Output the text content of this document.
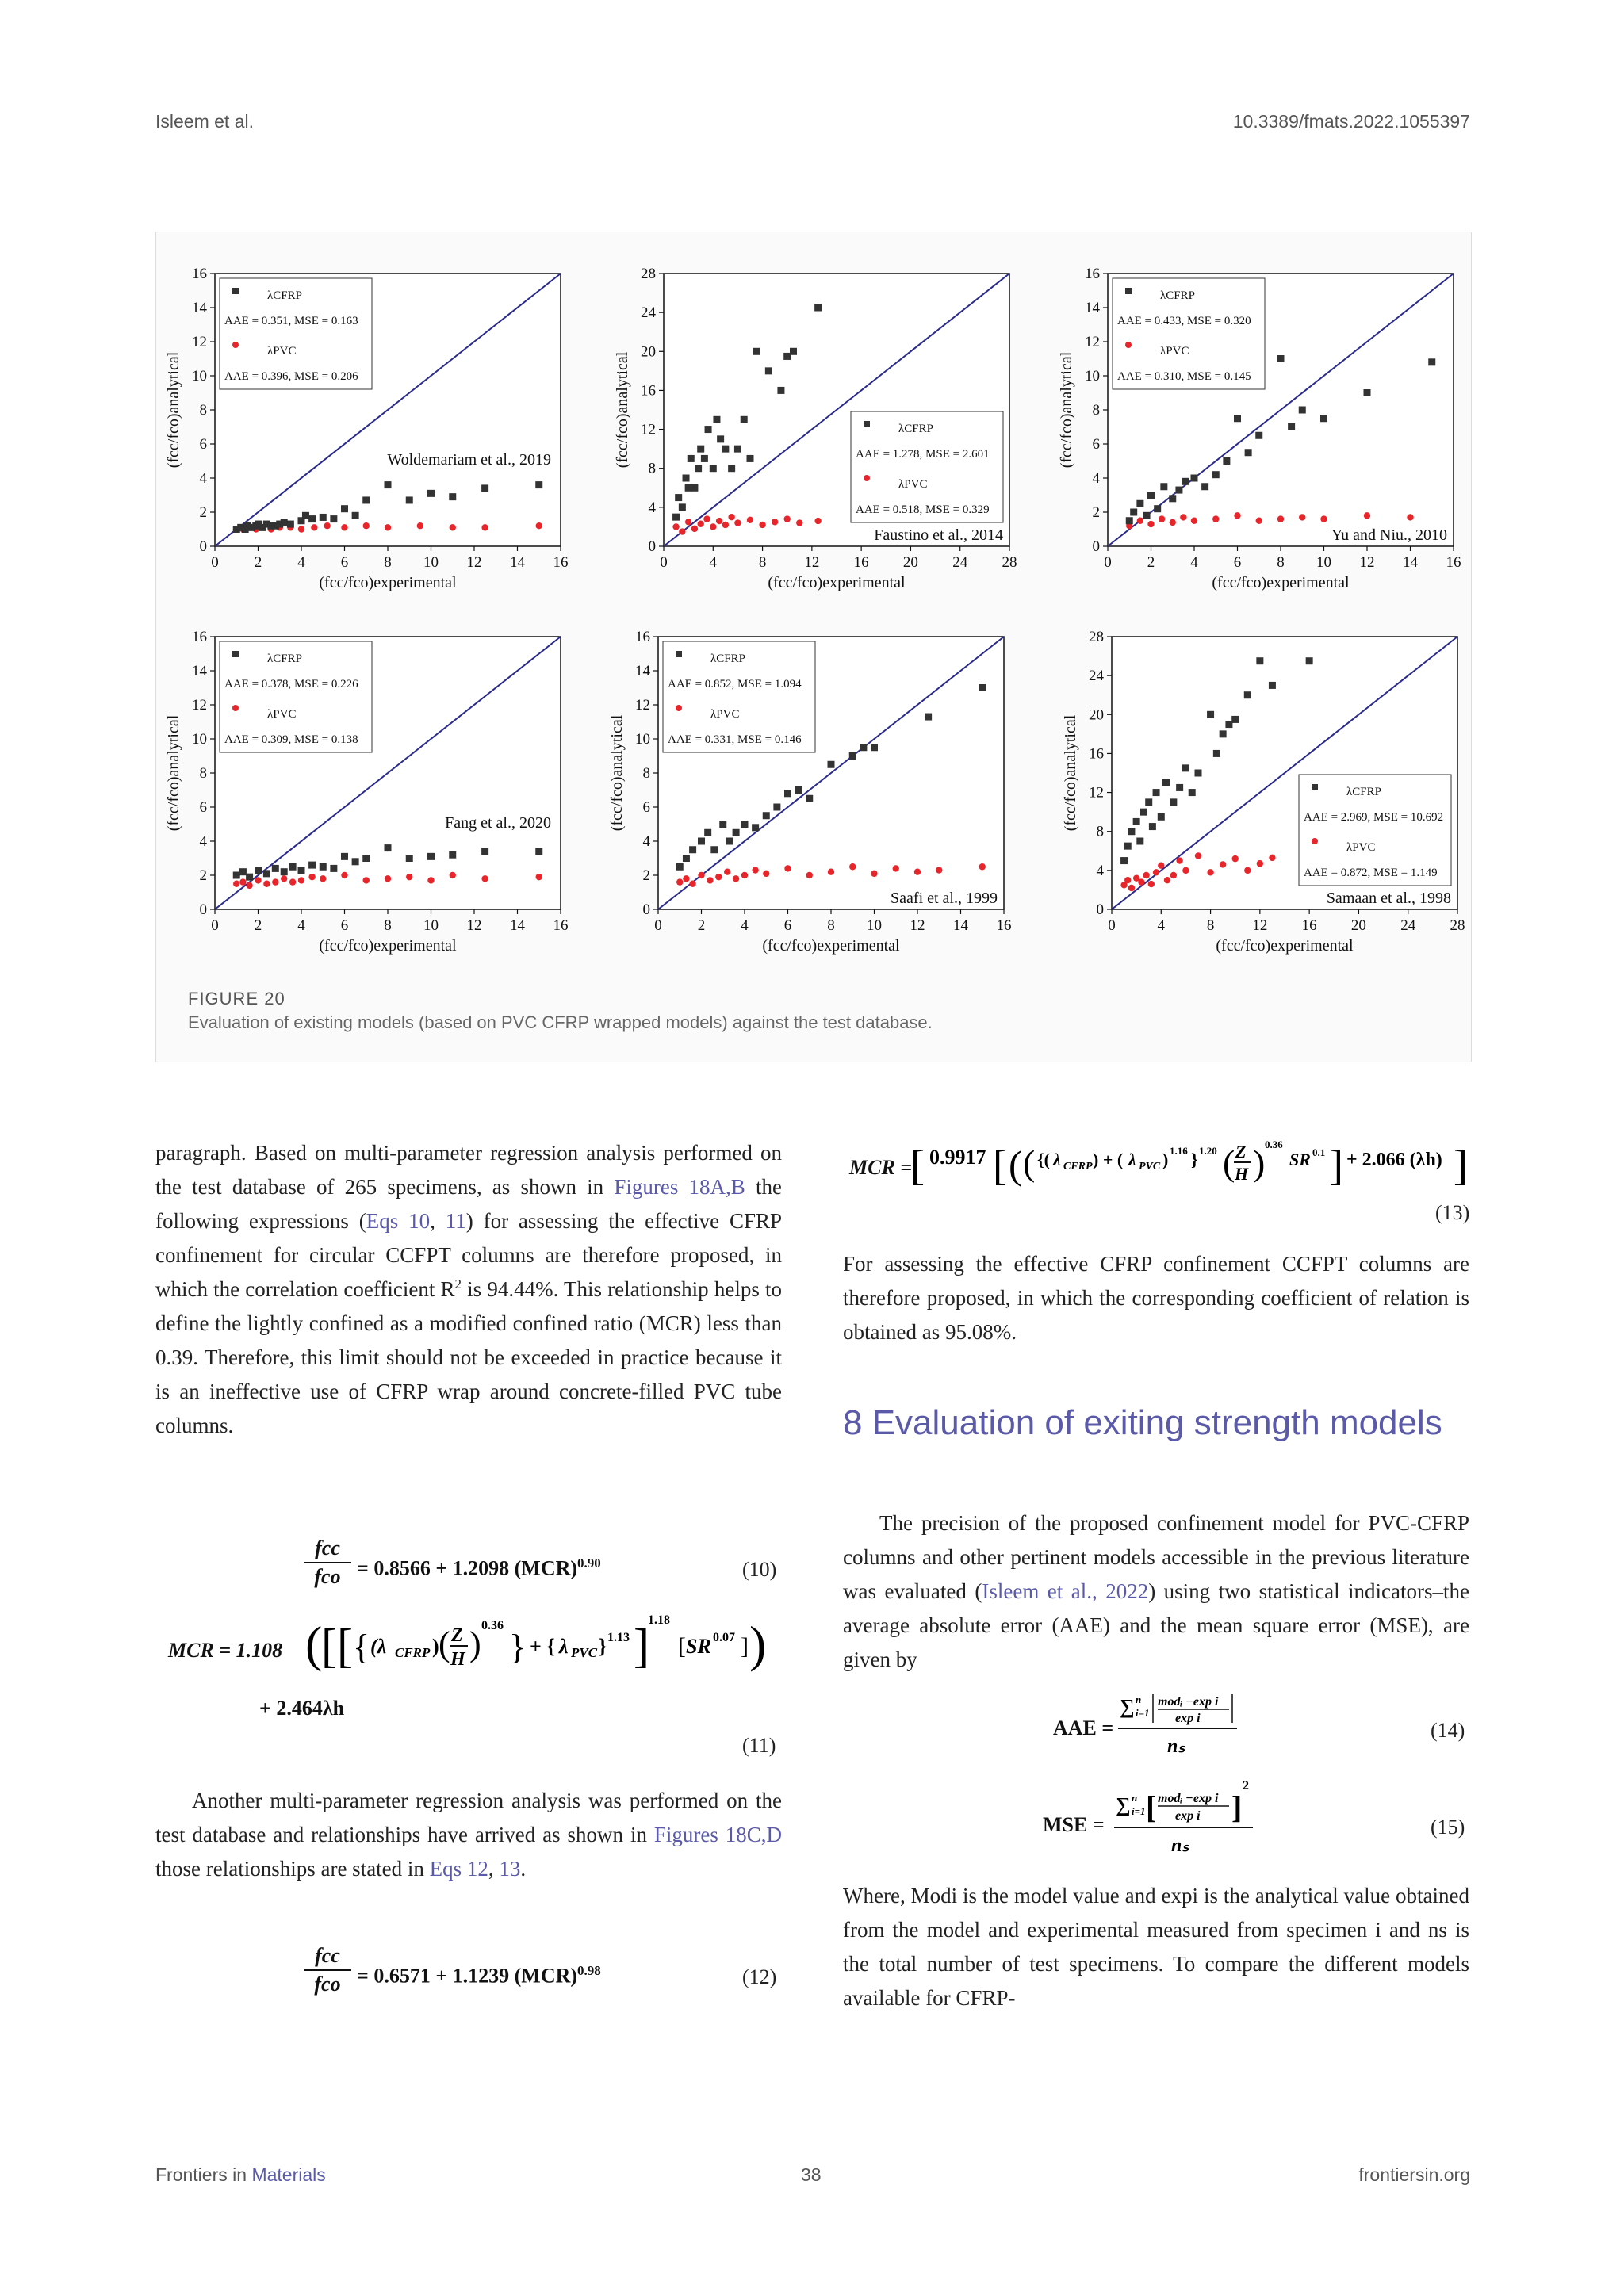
Isleem et al.	10.3389/fmats.2022.1055397
0 2 4 6 8 10 12 14 16
0
2
4
6
8
10
12
14
16
(fcc/fco)experimental
(fcc/fco)analytical
λCFRP
AAE = 0.351, MSE = 0.163
λPVC
AAE = 0.396, MSE = 0.206
Woldemariam et al., 2019
0	4	8	12 16 20 24 28
0
4
8
12
16
20
24
28
(fcc/fco)experimental
(fcc/fco)analytical	λCFRP
AAE = 1.278, MSE = 2.601
λPVC
AAE = 0.518, MSE = 0.329
Faustino et al., 2014
0 2 4 6 8 10 12 14 16
0
2
4
6
8
10
12
14
16
(fcc/fco)experimental
(fcc/fco)analytical
λCFRP
AAE = 0.433, MSE = 0.320
λPVC
AAE = 0.310, MSE = 0.145
Yu and Niu., 2010
0 2 4 6 8 10 12 14 16
0
2
4
6
8
10
12
14
16
(fcc/fco)experimental
(fcc/fco)analytical
λCFRP
AAE = 0.378, MSE = 0.226
λPVC
AAE = 0.309, MSE = 0.138
Fang et al., 2020
0 2 4 6 8 10 12 14 16
0
2
4
6
8
10
12
14
16
(fcc/fco)experimental
(fcc/fco)analytical
λCFRP
AAE = 0.852, MSE = 1.094
λPVC
AAE = 0.331, MSE = 0.146
Saafi et al., 1999
0	4	8	12 16 20 24 28
0
4
8
12
16
20
24
28
(fcc/fco)experimental
(fcc/fco)analytical	λCFRP
AAE = 2.969, MSE = 10.692
λPVC
AAE = 0.872, MSE = 1.149
Samaan et al., 1998
FIGURE 20
Evaluation of existing models (based on PVC CFRP wrapped models) against the test database.

paragraph. Based on multi-parameter regression analysis performed on the test database of 265 specimens, as shown in Figures 18A,B the following expressions (Eqs 10, 11) for assessing the effective CFRP confinement for circular CCFPT columns are therefore proposed, in which the correlation coefficient $R^2$ is 94.44%. This relationship helps to define the lightly confined as a modified confined ratio (MCR) less than 0.39. Therefore, this limit should not be exceeded in practice because it is an ineffective use of CFRP wrap around concrete-filled PVC tube columns.

fcc
fco = 0.8566 + 1.2098 (MCR)$^{0.90}$	(10)
MCR = 1.108 (
[ [ { (λ CFRP ) ( Z
H ) 0.36
} + { λ PVC } 1.13 ]
1.18
[ SR 0.07 ] )
+ 2.464λh
(11)

Another multi-parameter regression analysis was performed on the test database and relationships have arrived as shown in Figures 18C,D those relationships are stated in Eqs 12, 13.

fcc
fco = 0.6571 + 1.1239 (MCR)$^{0.98}$	(12)
MCR =
[ 0.9917 [ ( ( {( λ CFRP ) + ( λ PVC ) 1.16 } 1.20 ( Z
H ) 0.36
SR 0.1 ] + 2.066 (λh) ]
(13)

For assessing the effective CFRP confinement CCFPT columns are therefore proposed, in which the corresponding coefficient of relation is obtained as 95.08%.

8 Evaluation of exiting strength models

The precision of the proposed confinement model for PVC-CFRP columns and other pertinent models accessible in the previous literature was evaluated (Isleem et al., 2022) using two statistical indicators–the average absolute error (AAE) and the mean square error (MSE), are given by

AAE =
∑ n
i=1
modᵢ −exp i
exp i
nₛ
(14)
MSE =
∑ n
i=1 [ modᵢ −exp i
exp i ]
2
nₛ
(15)

Where, Modi is the model value and expi is the analytical value obtained from the model and experimental measured from specimen i and ns is the total number of test specimens. To compare the different models available for CFRP-

Frontiers in Materials	38	frontiersin.org
